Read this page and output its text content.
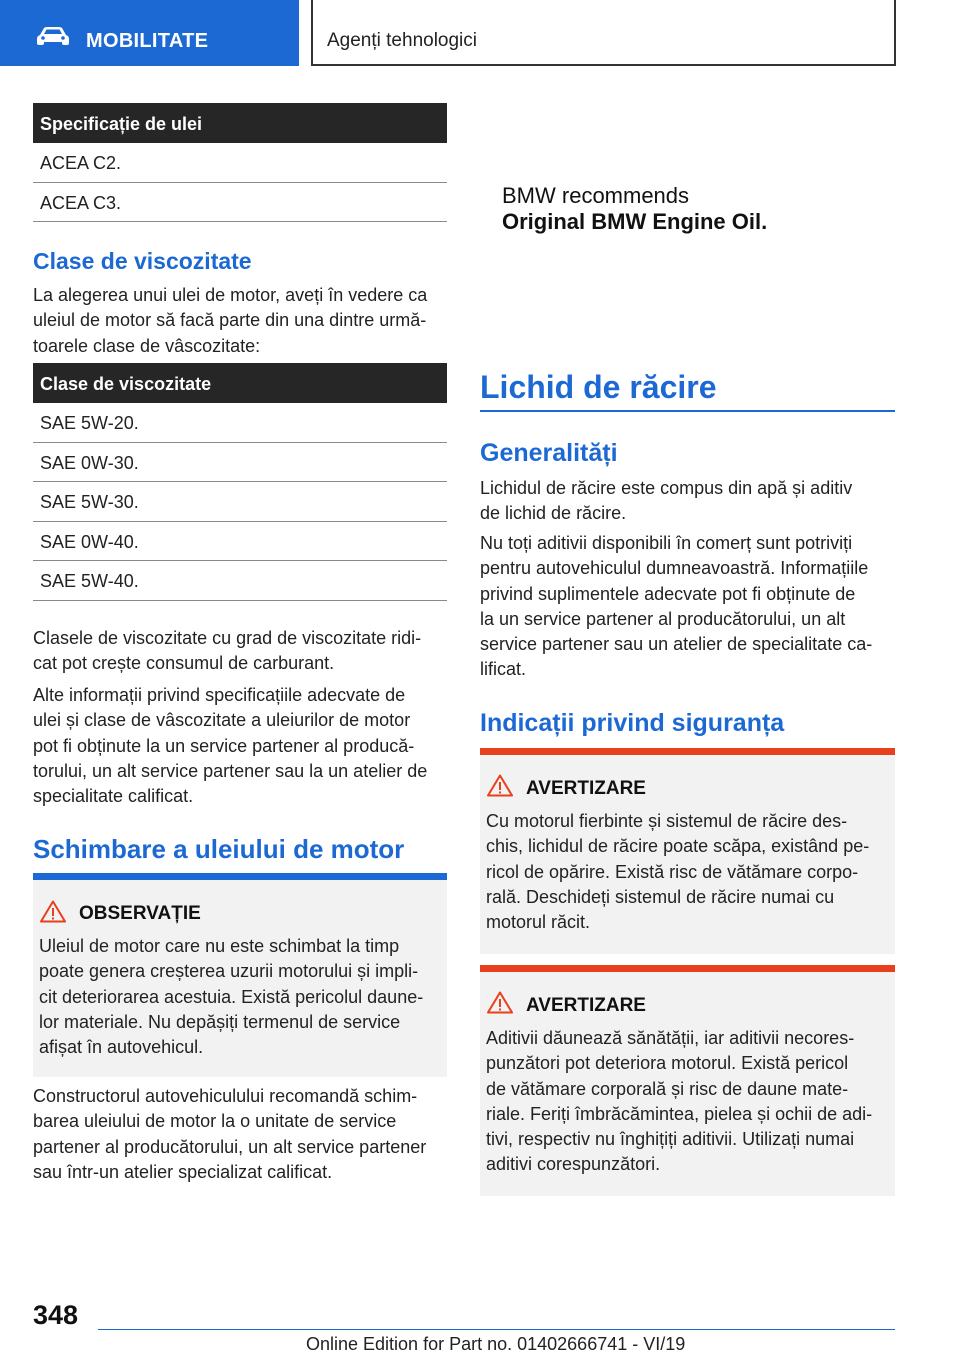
MOBILITATE	Agenți tehnologici
Specificație de ulei
ACEA C2.
ACEA C3.
Clase de viscozitate
La alegerea unui ulei de motor, aveți în vedere ca
uleiul de motor să facă parte din una dintre urmă-
toarele clase de vâscozitate:
Clase de viscozitate
SAE 5W-20.
SAE 0W-30.
SAE 5W-30.
SAE 0W-40.
SAE 5W-40.
Clasele de viscozitate cu grad de viscozitate ridi-
cat pot crește consumul de carburant.
Alte informații privind specificațiile adecvate de
ulei și clase de vâscozitate a uleiurilor de motor
pot fi obținute la un service partener al producă-
torului, un alt service partener sau la un atelier de
specialitate calificat.
Schimbare a uleiului de motor
OBSERVAȚIE
Uleiul de motor care nu este schimbat la timp
poate genera creșterea uzurii motorului și impli-
cit deteriorarea acestuia. Există pericolul daune-
lor materiale. Nu depășiți termenul de service
afișat în autovehicul.
Constructorul autovehiculului recomandă schim-
barea uleiului de motor la o unitate de service
partener al producătorului, un alt service partener
sau într-un atelier specializat calificat.
BMW recommends
Original BMW Engine Oil.
Lichid de răcire
Generalități
Lichidul de răcire este compus din apă și aditiv
de lichid de răcire.
Nu toți aditivii disponibili în comerț sunt potriviți
pentru autovehiculul dumneavoastră. Informațiile
privind suplimentele adecvate pot fi obținute de
la un service partener al producătorului, un alt
service partener sau un atelier de specialitate ca-
lificat.
Indicații privind siguranța
AVERTIZARE
Cu motorul fierbinte și sistemul de răcire des-
chis, lichidul de răcire poate scăpa, existând pe-
ricol de opărire. Există risc de vătămare corpo-
rală. Deschideți sistemul de răcire numai cu
motorul răcit.
AVERTIZARE
Aditivii dăunează sănătății, iar aditivii necores-
punzători pot deteriora motorul. Există pericol
de vătămare corporală și risc de daune mate-
riale. Feriți îmbrăcămintea, pielea și ochii de adi-
tivi, respectiv nu înghițiți aditivii. Utilizați numai
aditivi corespunzători.
348
Online Edition for Part no. 01402666741 - VI/19
